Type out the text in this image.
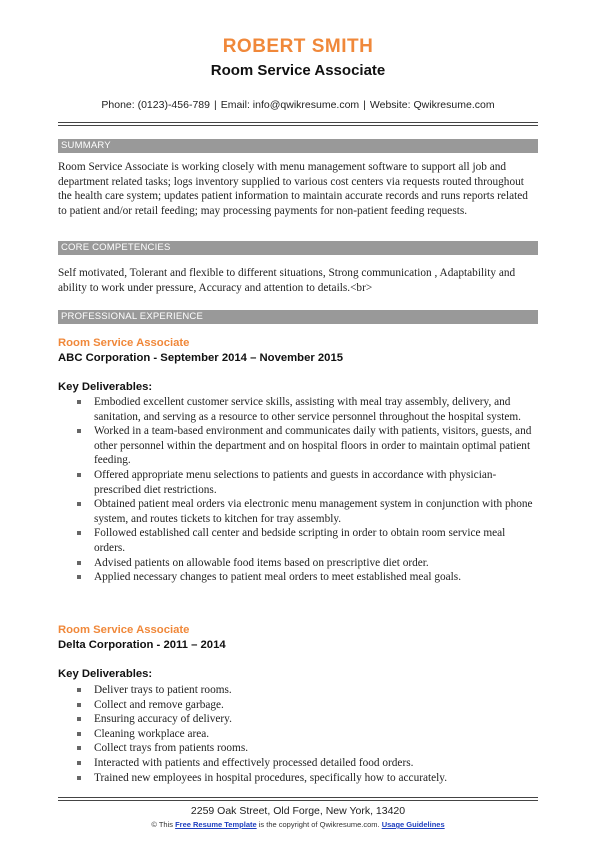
ROBERT SMITH
Room Service Associate
Phone: (0123)-456-789 | Email: info@qwikresume.com | Website: Qwikresume.com
SUMMARY
Room Service Associate is working closely with menu management software to support all job and department related tasks; logs inventory supplied to various cost centers via requests routed throughout the health care system; updates patient information to maintain accurate records and runs reports related to patient and/or retail feeding; may processing payments for non-patient feeding requests.
CORE COMPETENCIES
Self motivated, Tolerant and flexible to different situations, Strong communication , Adaptability and ability to work under pressure, Accuracy and attention to details.<br>
PROFESSIONAL EXPERIENCE
Room Service Associate
ABC Corporation - September 2014 – November 2015
Key Deliverables:
Embodied excellent customer service skills, assisting with meal tray assembly, delivery, and sanitation, and serving as a resource to other service personnel throughout the hospital system.
Worked in a team-based environment and communicates daily with patients, visitors, guests, and other personnel within the department and on hospital floors in order to maintain optimal patient feeding.
Offered appropriate menu selections to patients and guests in accordance with physician-prescribed diet restrictions.
Obtained patient meal orders via electronic menu management system in conjunction with phone system, and routes tickets to kitchen for tray assembly.
Followed established call center and bedside scripting in order to obtain room service meal orders.
Advised patients on allowable food items based on prescriptive diet order.
Applied necessary changes to patient meal orders to meet established meal goals.
Room Service Associate
Delta Corporation - 2011 – 2014
Key Deliverables:
Deliver trays to patient rooms.
Collect and remove garbage.
Ensuring accuracy of delivery.
Cleaning workplace area.
Collect trays from patients rooms.
Interacted with patients and effectively processed detailed food orders.
Trained new employees in hospital procedures, specifically how to accurately.
2259 Oak Street, Old Forge, New York, 13420
© This Free Resume Template is the copyright of Qwikresume.com. Usage Guidelines
